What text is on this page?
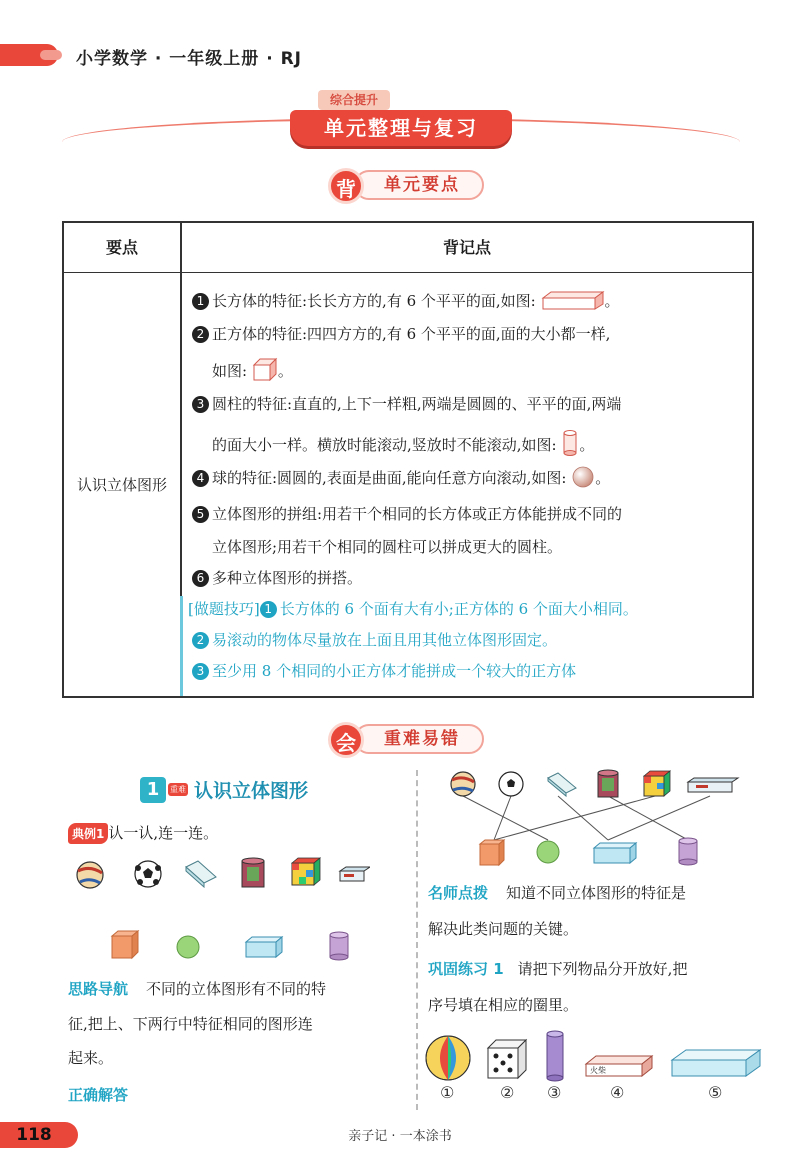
小学数学 · 一年级上册 · RJ
综合提升
单元整理与复习
单元要点
背
要点	背记点
认识立体图形
1 长方体的特征:长长方方的,有 6 个平平的面,如图:	。
2 正方体的特征:四四方方的,有 6 个平平的面,面的大小都一样,
如图: 。
3 圆柱的特征:直直的,上下一样粗,两端是圆圆的、平平的面,两端
的面大小一样。横放时能滚动,竖放时不能滚动,如图: 。
4 球的特征:圆圆的,表面是曲面,能向任意方向滚动,如图: 。
5 立体图形的拼组:用若干个相同的长方体或正方体能拼成不同的
立体图形;用若干个相同的圆柱可以拼成更大的圆柱。
6 多种立体图形的拼搭。
[做题技巧] 1 长方体的 6 个面有大有小;正方体的 6 个面大小相同。
2 易滚动的物体尽量放在上面且用其他立体图形固定。
3 至少用 8 个相同的小正方体才能拼成一个较大的正方体
重难易错
会
1 重难 认识立体图形
典例1 认一认,连一连。
思路导航 不同的立体图形有不同的特
征,把上、下两行中特征相同的图形连
起来。
正确解答
名师点拨 知道不同立体图形的特征是
解决此类问题的关键。
巩固练习 1 请把下列物品分开放好,把
序号填在相应的圈里。
火柴
①	② ③	④	⑤
118	亲子记 · 一本涂书
